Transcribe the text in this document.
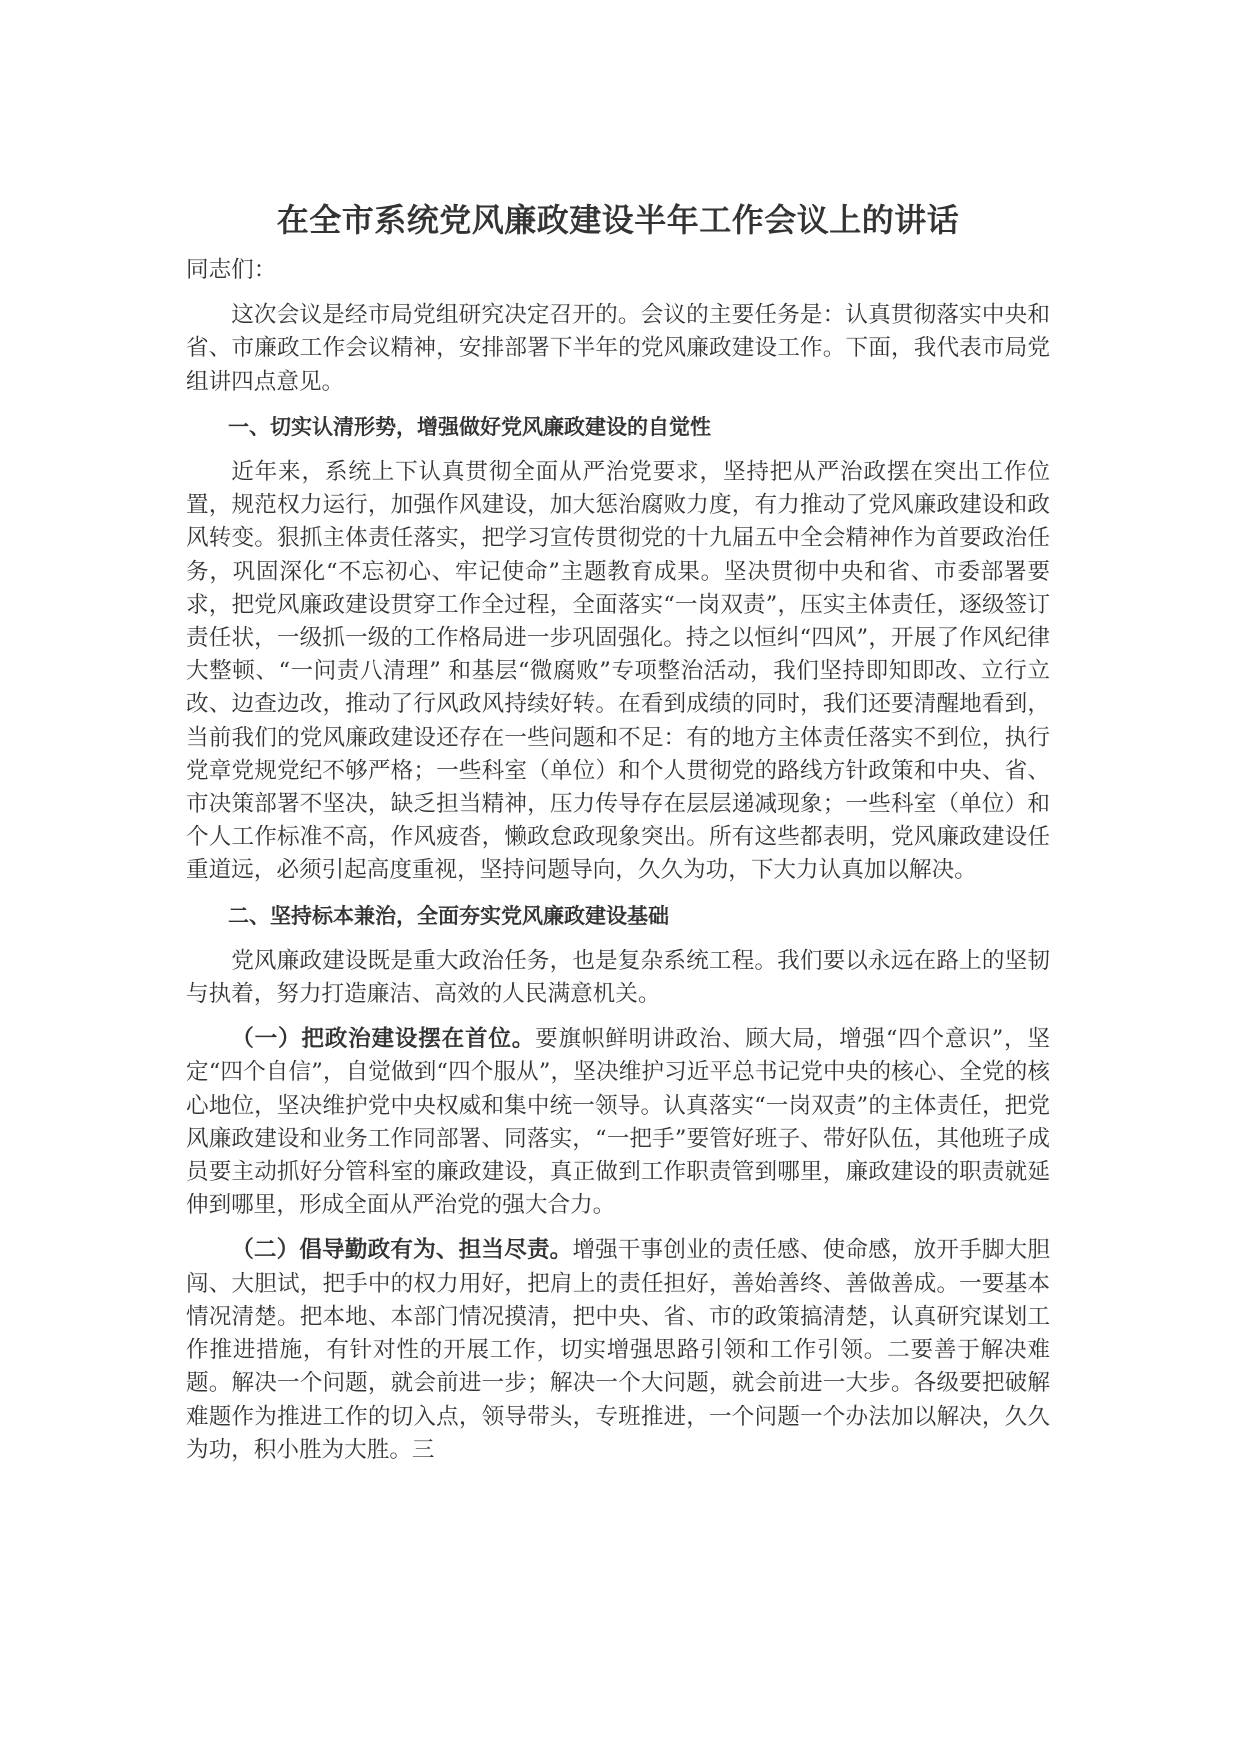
在全市系统党风廉政建设半年工作会议上的讲话
同志们：

这次会议是经市局党组研究决定召开的。会议的主要任务是：认真贯彻落实中央和省、市廉政工作会议精神，安排部署下半年的党风廉政建设工作。下面，我代表市局党组讲四点意见。

一、切实认清形势，增强做好党风廉政建设的自觉性

近年来，系统上下认真贯彻全面从严治党要求，坚持把从严治政摆在突出工作位置，规范权力运行，加强作风建设，加大惩治腐败力度，有力推动了党风廉政建设和政风转变。狠抓主体责任落实，把学习宣传贯彻党的十九届五中全会精神作为首要政治任务，巩固深化“不忘初心、牢记使命”主题教育成果。坚决贯彻中央和省、市委部署要求，把党风廉政建设贯穿工作全过程，全面落实“一岗双责”，压实主体责任，逐级签订责任状，一级抓一级的工作格局进一步巩固强化。持之以恒纠“四风”，开展了作风纪律大整顿、“一问责八清理” 和基层“微腐败”专项整治活动，我们坚持即知即改、立行立改、边查边改，推动了行风政风持续好转。在看到成绩的同时，我们还要清醒地看到，当前我们的党风廉政建设还存在一些问题和不足：有的地方主体责任落实不到位，执行党章党规党纪不够严格；一些科室（单位）和个人贯彻党的路线方针政策和中央、省、市决策部署不坚决，缺乏担当精神，压力传导存在层层递减现象；一些科室（单位）和个人工作标准不高，作风疲沓，懒政怠政现象突出。所有这些都表明，党风廉政建设任重道远，必须引起高度重视，坚持问题导向，久久为功，下大力认真加以解决。

二、坚持标本兼治，全面夯实党风廉政建设基础

党风廉政建设既是重大政治任务，也是复杂系统工程。我们要以永远在路上的坚韧与执着，努力打造廉洁、高效的人民满意机关。

（一）把政治建设摆在首位。要旗帜鲜明讲政治、顾大局，增强“四个意识”，坚定“四个自信”，自觉做到“四个服从”，坚决维护习近平总书记党中央的核心、全党的核心地位，坚决维护党中央权威和集中统一领导。认真落实“一岗双责”的主体责任，把党风廉政建设和业务工作同部署、同落实，“一把手”要管好班子、带好队伍，其他班子成员要主动抓好分管科室的廉政建设，真正做到工作职责管到哪里，廉政建设的职责就延伸到哪里，形成全面从严治党的强大合力。

（二）倡导勤政有为、担当尽责。增强干事创业的责任感、使命感，放开手脚大胆闯、大胆试，把手中的权力用好，把肩上的责任担好，善始善终、善做善成。一要基本情况清楚。把本地、本部门情况摸清，把中央、省、市的政策搞清楚，认真研究谋划工作推进措施，有针对性的开展工作，切实增强思路引领和工作引领。二要善于解决难题。解决一个问题，就会前进一步；解决一个大问题，就会前进一大步。各级要把破解难题作为推进工作的切入点，领导带头，专班推进，一个问题一个办法加以解决，久久为功，积小胜为大胜。三
